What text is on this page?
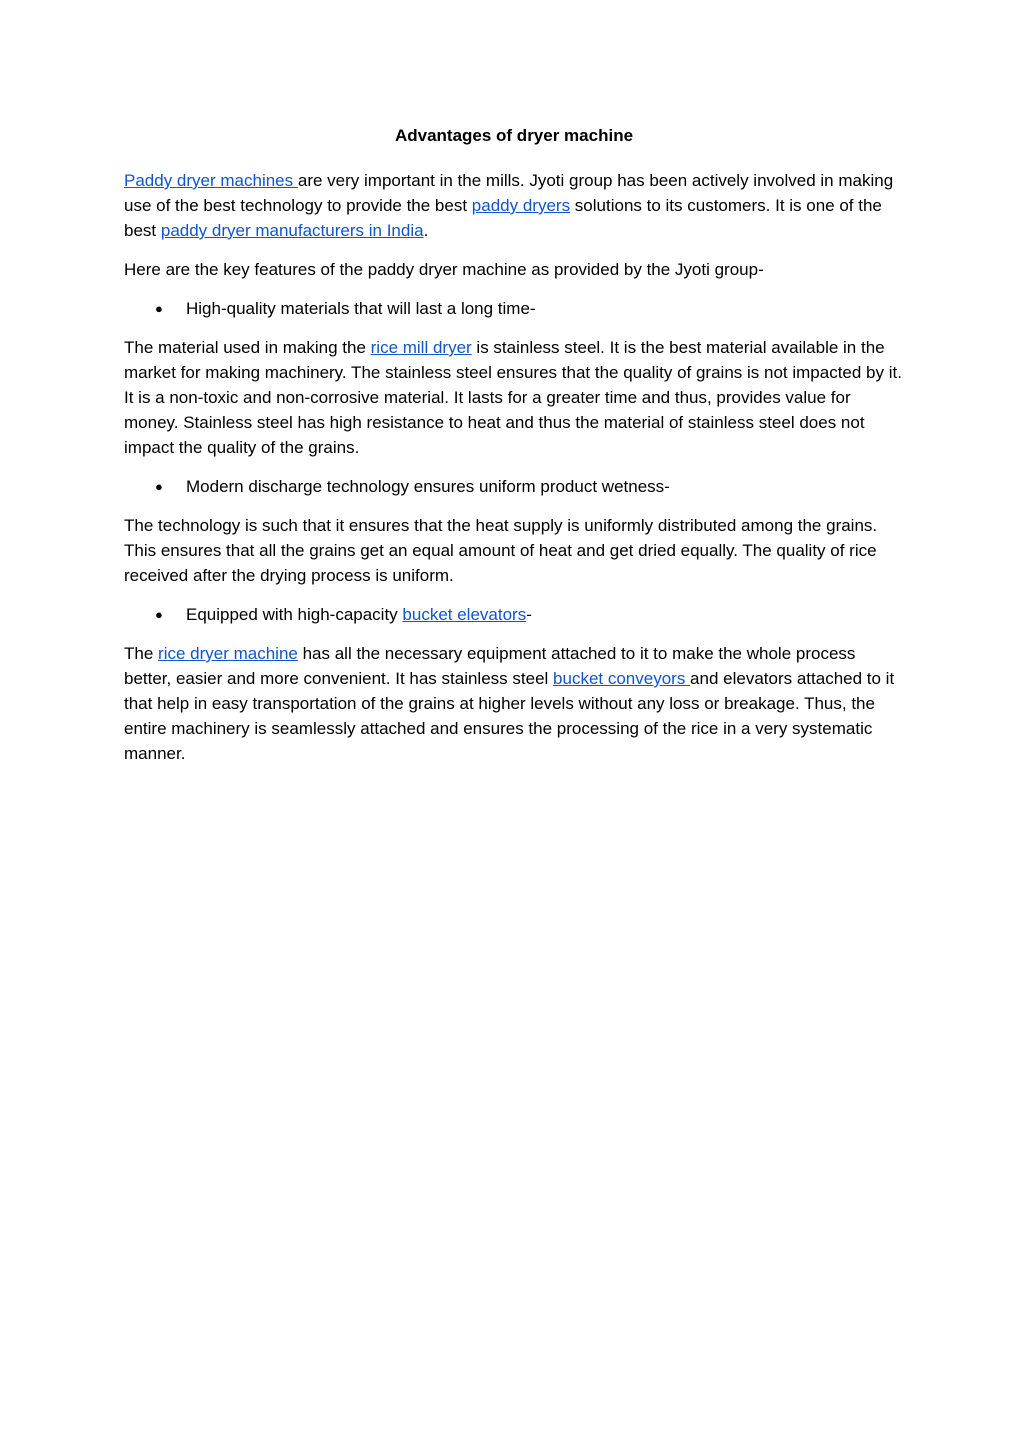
Advantages of dryer machine

Paddy dryer machines are very important in the mills. Jyoti group has been actively involved in making use of the best technology to provide the best paddy dryers solutions to its customers. It is one of the best paddy dryer manufacturers in India.

Here are the key features of the paddy dryer machine as provided by the Jyoti group-

● High-quality materials that will last a long time-

The material used in making the rice mill dryer is stainless steel. It is the best material available in the market for making machinery. The stainless steel ensures that the quality of grains is not impacted by it. It is a non-toxic and non-corrosive material. It lasts for a greater time and thus, provides value for money. Stainless steel has high resistance to heat and thus the material of stainless steel does not impact the quality of the grains.

● Modern discharge technology ensures uniform product wetness-

The technology is such that it ensures that the heat supply is uniformly distributed among the grains. This ensures that all the grains get an equal amount of heat and get dried equally. The quality of rice received after the drying process is uniform.

● Equipped with high-capacity bucket elevators-

The rice dryer machine has all the necessary equipment attached to it to make the whole process better, easier and more convenient. It has stainless steel bucket conveyors and elevators attached to it that help in easy transportation of the grains at higher levels without any loss or breakage. Thus, the entire machinery is seamlessly attached and ensures the processing of the rice in a very systematic manner.
